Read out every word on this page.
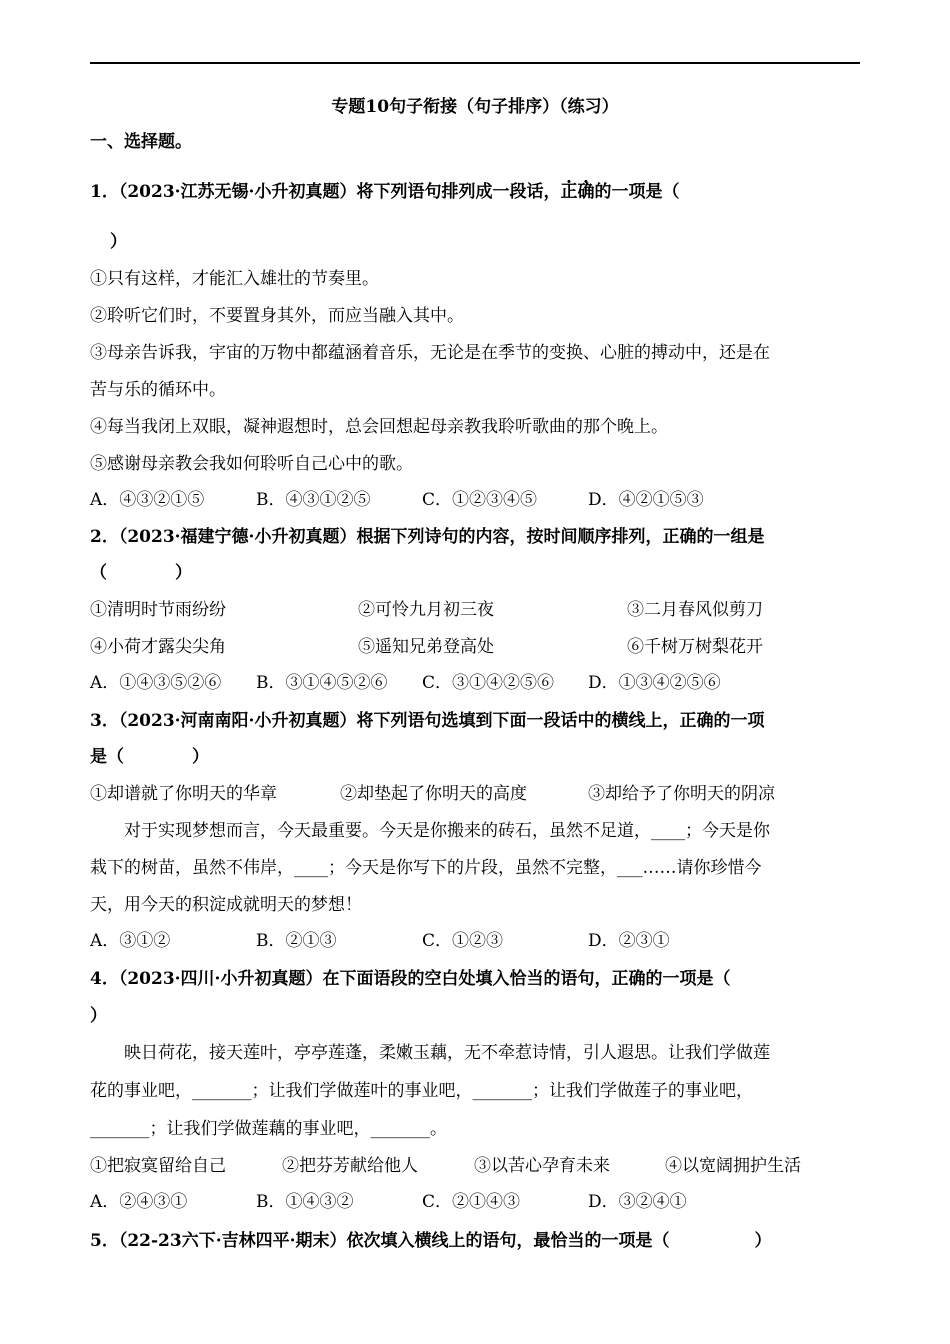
专题10句子衔接（句子排序）（练习）
一、选择题。
1．（2023·江苏无锡·小升初真题）将下列语句排列成一段话，正确的一项是（
）
①只有这样，才能汇入雄壮的节奏里。
②聆听它们时，不要置身其外，而应当融入其中。
③母亲告诉我，宇宙的万物中都蕴涵着音乐，无论是在季节的变换、心脏的搏动中，还是在
苦与乐的循环中。
④每当我闭上双眼，凝神遐想时，总会回想起母亲教我聆听歌曲的那个晚上。
⑤感谢母亲教会我如何聆听自己心中的歌。
A．④③②①⑤	B．④③①②⑤	C．①②③④⑤	D．④②①⑤③
2．（2023·福建宁德·小升初真题）根据下列诗句的内容，按时间顺序排列，正确的一组是
（　　　　）
①清明时节雨纷纷	②可怜九月初三夜	③二月春风似剪刀
④小荷才露尖尖角	⑤遥知兄弟登高处	⑥千树万树梨花开
A．①④③⑤②⑥ B．③①④⑤②⑥ C．③①④②⑤⑥ D．①③④②⑤⑥
3．（2023·河南南阳·小升初真题）将下列语句选填到下面一段话中的横线上，正确的一项
是（　　　　）
①却谱就了你明天的华章	②却垫起了你明天的高度	③却给予了你明天的阴凉
　　对于实现梦想而言，今天最重要。今天是你搬来的砖石，虽然不足道，____；今天是你
栽下的树苗，虽然不伟岸，____；今天是你写下的片段，虽然不完整，___……请你珍惜今
天，用今天的积淀成就明天的梦想！
A．③①②	B．②①③	C．①②③	D．②③①
4．（2023·四川·小升初真题）在下面语段的空白处填入恰当的语句，正确的一项是（
）
　　映日荷花，接天莲叶，亭亭莲蓬，柔嫩玉藕，无不牵惹诗情，引人遐思。让我们学做莲
花的事业吧，_______；让我们学做莲叶的事业吧，_______；让我们学做莲子的事业吧，
_______；让我们学做莲藕的事业吧，_______。
①把寂寞留给自己	②把芬芳献给他人	③以苦心孕育未来	④以宽阔拥护生活
A．②④③①	B．①④③②	C．②①④③	D．③②④①
5．（22-23六下·吉林四平·期末）依次填入横线上的语句，最恰当的一项是（　　　　　）
